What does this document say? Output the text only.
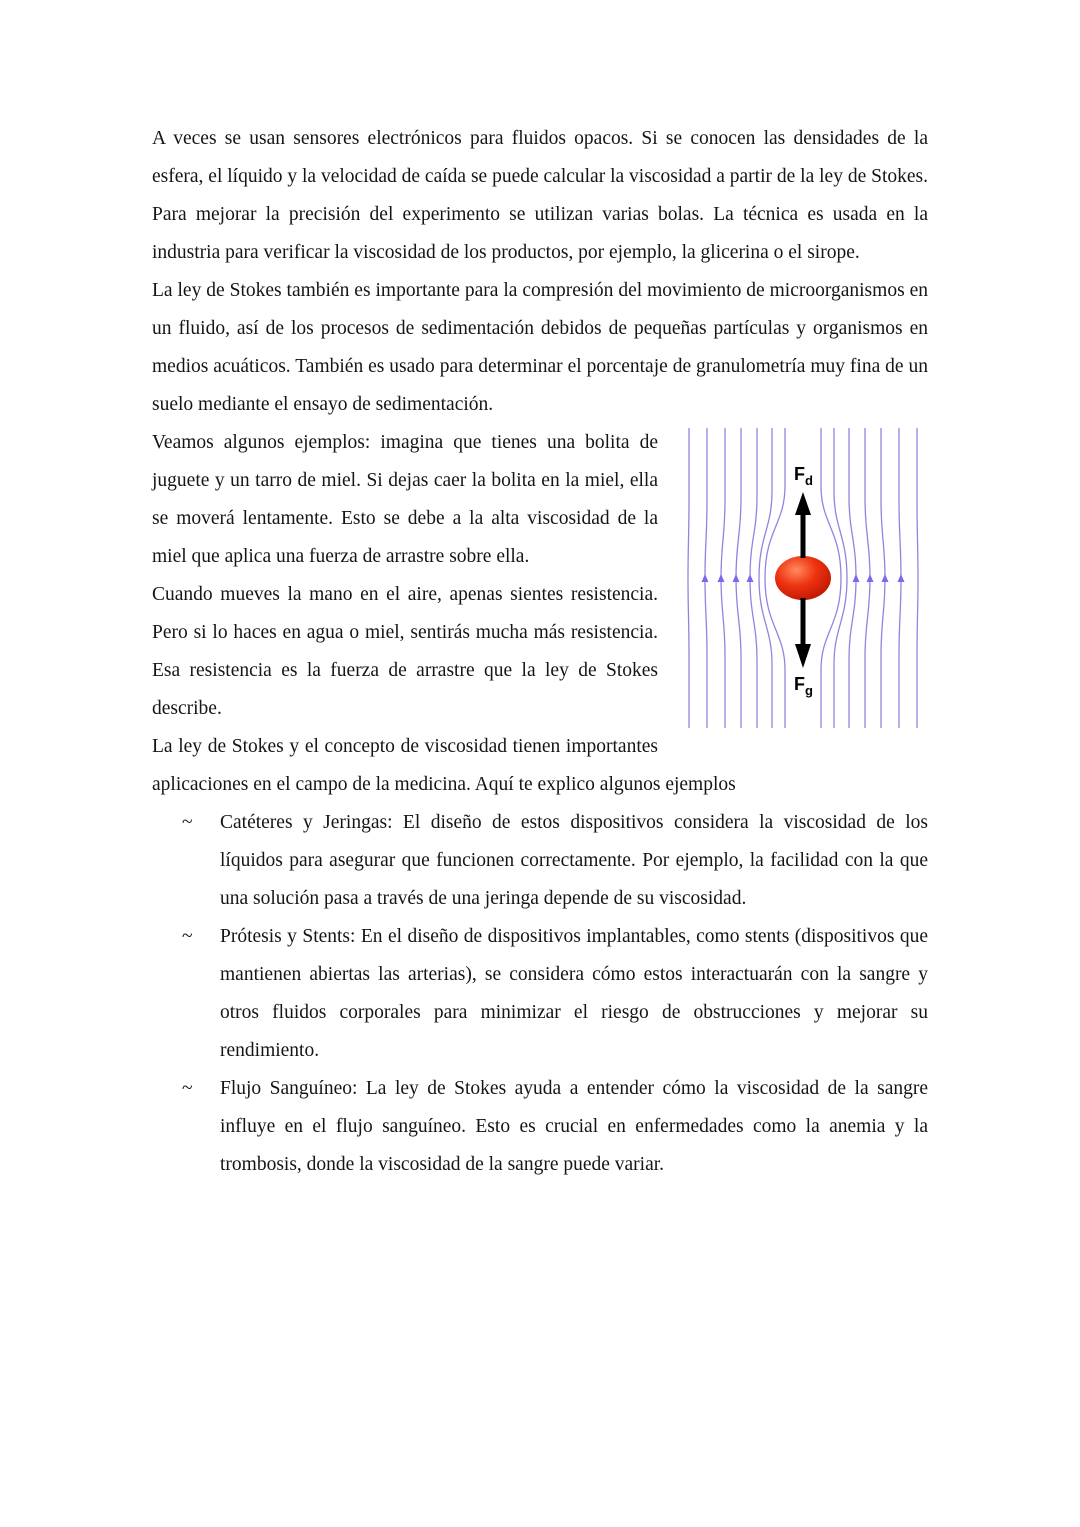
A veces se usan sensores electrónicos para fluidos opacos. Si se conocen las densidades de la esfera, el líquido y la velocidad de caída se puede calcular la viscosidad a partir de la ley de Stokes. Para mejorar la precisión del experimento se utilizan varias bolas. La técnica es usada en la industria para verificar la viscosidad de los productos, por ejemplo, la glicerina o el sirope.
La ley de Stokes también es importante para la compresión del movimiento de microorganismos en un fluido, así de los procesos de sedimentación debidos de pequeñas partículas y organismos en medios acuáticos. También es usado para determinar el porcentaje de granulometría muy fina de un suelo mediante el ensayo de sedimentación.
$F_d$
$F_g$
Veamos algunos ejemplos: imagina que tienes una bolita de juguete y un tarro de miel. Si dejas caer la bolita en la miel, ella se moverá lentamente. Esto se debe a la alta viscosidad de la miel que aplica una fuerza de arrastre sobre ella.
Cuando mueves la mano en el aire, apenas sientes resistencia. Pero si lo haces en agua o miel, sentirás mucha más resistencia. Esa resistencia es la fuerza de arrastre que la ley de Stokes describe.
La ley de Stokes y el concepto de viscosidad tienen importantes aplicaciones en el campo de la medicina. Aquí te explico algunos ejemplos
~ Catéteres y Jeringas: El diseño de estos dispositivos considera la viscosidad de los líquidos para asegurar que funcionen correctamente. Por ejemplo, la facilidad con la que una solución pasa a través de una jeringa depende de su viscosidad.
~ Prótesis y Stents: En el diseño de dispositivos implantables, como stents (dispositivos que mantienen abiertas las arterias), se considera cómo estos interactuarán con la sangre y otros fluidos corporales para minimizar el riesgo de obstrucciones y mejorar su rendimiento.
~ Flujo Sanguíneo: La ley de Stokes ayuda a entender cómo la viscosidad de la sangre influye en el flujo sanguíneo. Esto es crucial en enfermedades como la anemia y la trombosis, donde la viscosidad de la sangre puede variar.
